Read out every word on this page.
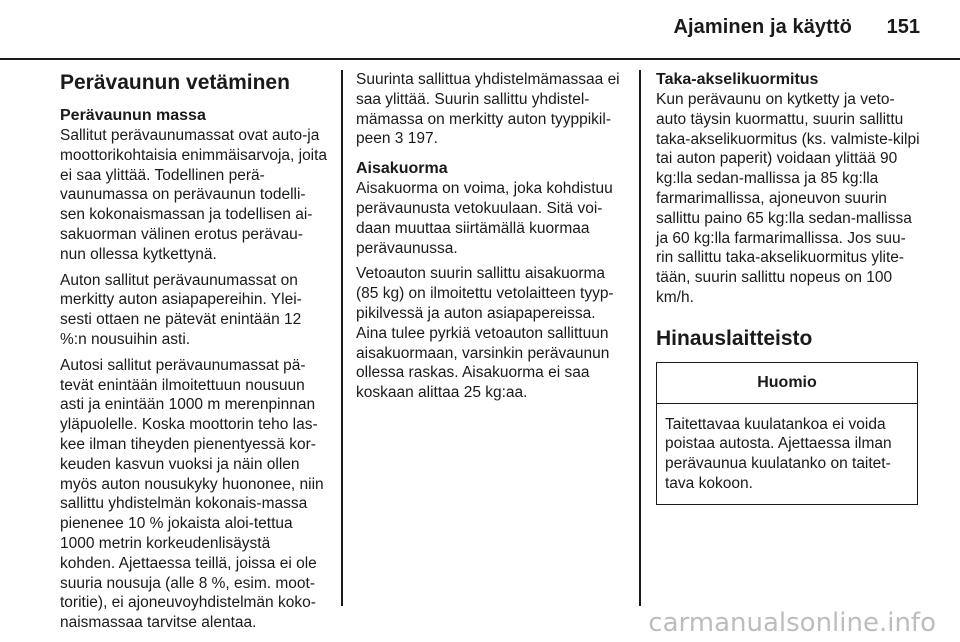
Ajaminen ja käyttö 151
Perävaunun vetäminen
Perävaunun massa

Sallitut perävaunumassat ovat auto-ja moottorikohtaisia enimmäisarvoja, joita ei saa ylittää. Todellinen perä-vaunumassa on perävaunun todelli-sen kokonaismassan ja todellisen ai-sakuorman välinen erotus perävau-nun ollessa kytkettynä.

Auton sallitut perävaunumassat on merkitty auton asiapapereihin. Ylei-sesti ottaen ne pätevät enintään 12 %:n nousuihin asti.

Autosi sallitut perävaunumassat pä-tevät enintään ilmoitettuun nousuun asti ja enintään 1000 m merenpinnan yläpuolelle. Koska moottorin teho las-kee ilman tiheyden pienentyessä kor-keuden kasvun vuoksi ja näin ollen myös auton nousukyky huononee, niin sallittu yhdistelmän kokonais-massa pienenee 10 % jokaista aloi-tettua 1000 metrin korkeudenlisäystä kohden. Ajettaessa teillä, joissa ei ole suuria nousuja (alle 8 %, esim. moot-toritie), ei ajoneuvoyhdistelmän koko-naismassaa tarvitse alentaa.

Suurinta sallittua yhdistelmämassaa ei saa ylittää. Suurin sallittu yhdistel-mämassa on merkitty auton tyyppikil-peen 3 197.

Aisakuorma

Aisakuorma on voima, joka kohdistuu perävaunusta vetokuulaan. Sitä voi-daan muuttaa siirtämällä kuormaa perävaunussa.

Vetoauton suurin sallittu aisakuorma (85 kg) on ilmoitettu vetolaitteen tyyp-pikilvessä ja auton asiapapereissa. Aina tulee pyrkiä vetoauton sallittuun aisakuormaan, varsinkin perävaunun ollessa raskas. Aisakuorma ei saa koskaan alittaa 25 kg:aa.

Taka-akselikuormitus

Kun perävaunu on kytketty ja veto-auto täysin kuormattu, suurin sallittu taka-akselikuormitus (ks. valmiste-kilpi tai auton paperit) voidaan ylittää 90 kg:lla sedan-mallissa ja 85 kg:lla farmarimallissa, ajoneuvon suurin sallittu paino 65 kg:lla sedan-mallissa ja 60 kg:lla farmarimallissa. Jos suu-rin sallittu taka-akselikuormitus ylite-tään, suurin sallittu nopeus on 100 km/h.

Hinauslaitteisto
Huomio
Taitettavaa kuulatankoa ei voida poistaa autosta. Ajettaessa ilman perävaunua kuulatanko on taitet-tava kokoon.
carmanualsonline.info
